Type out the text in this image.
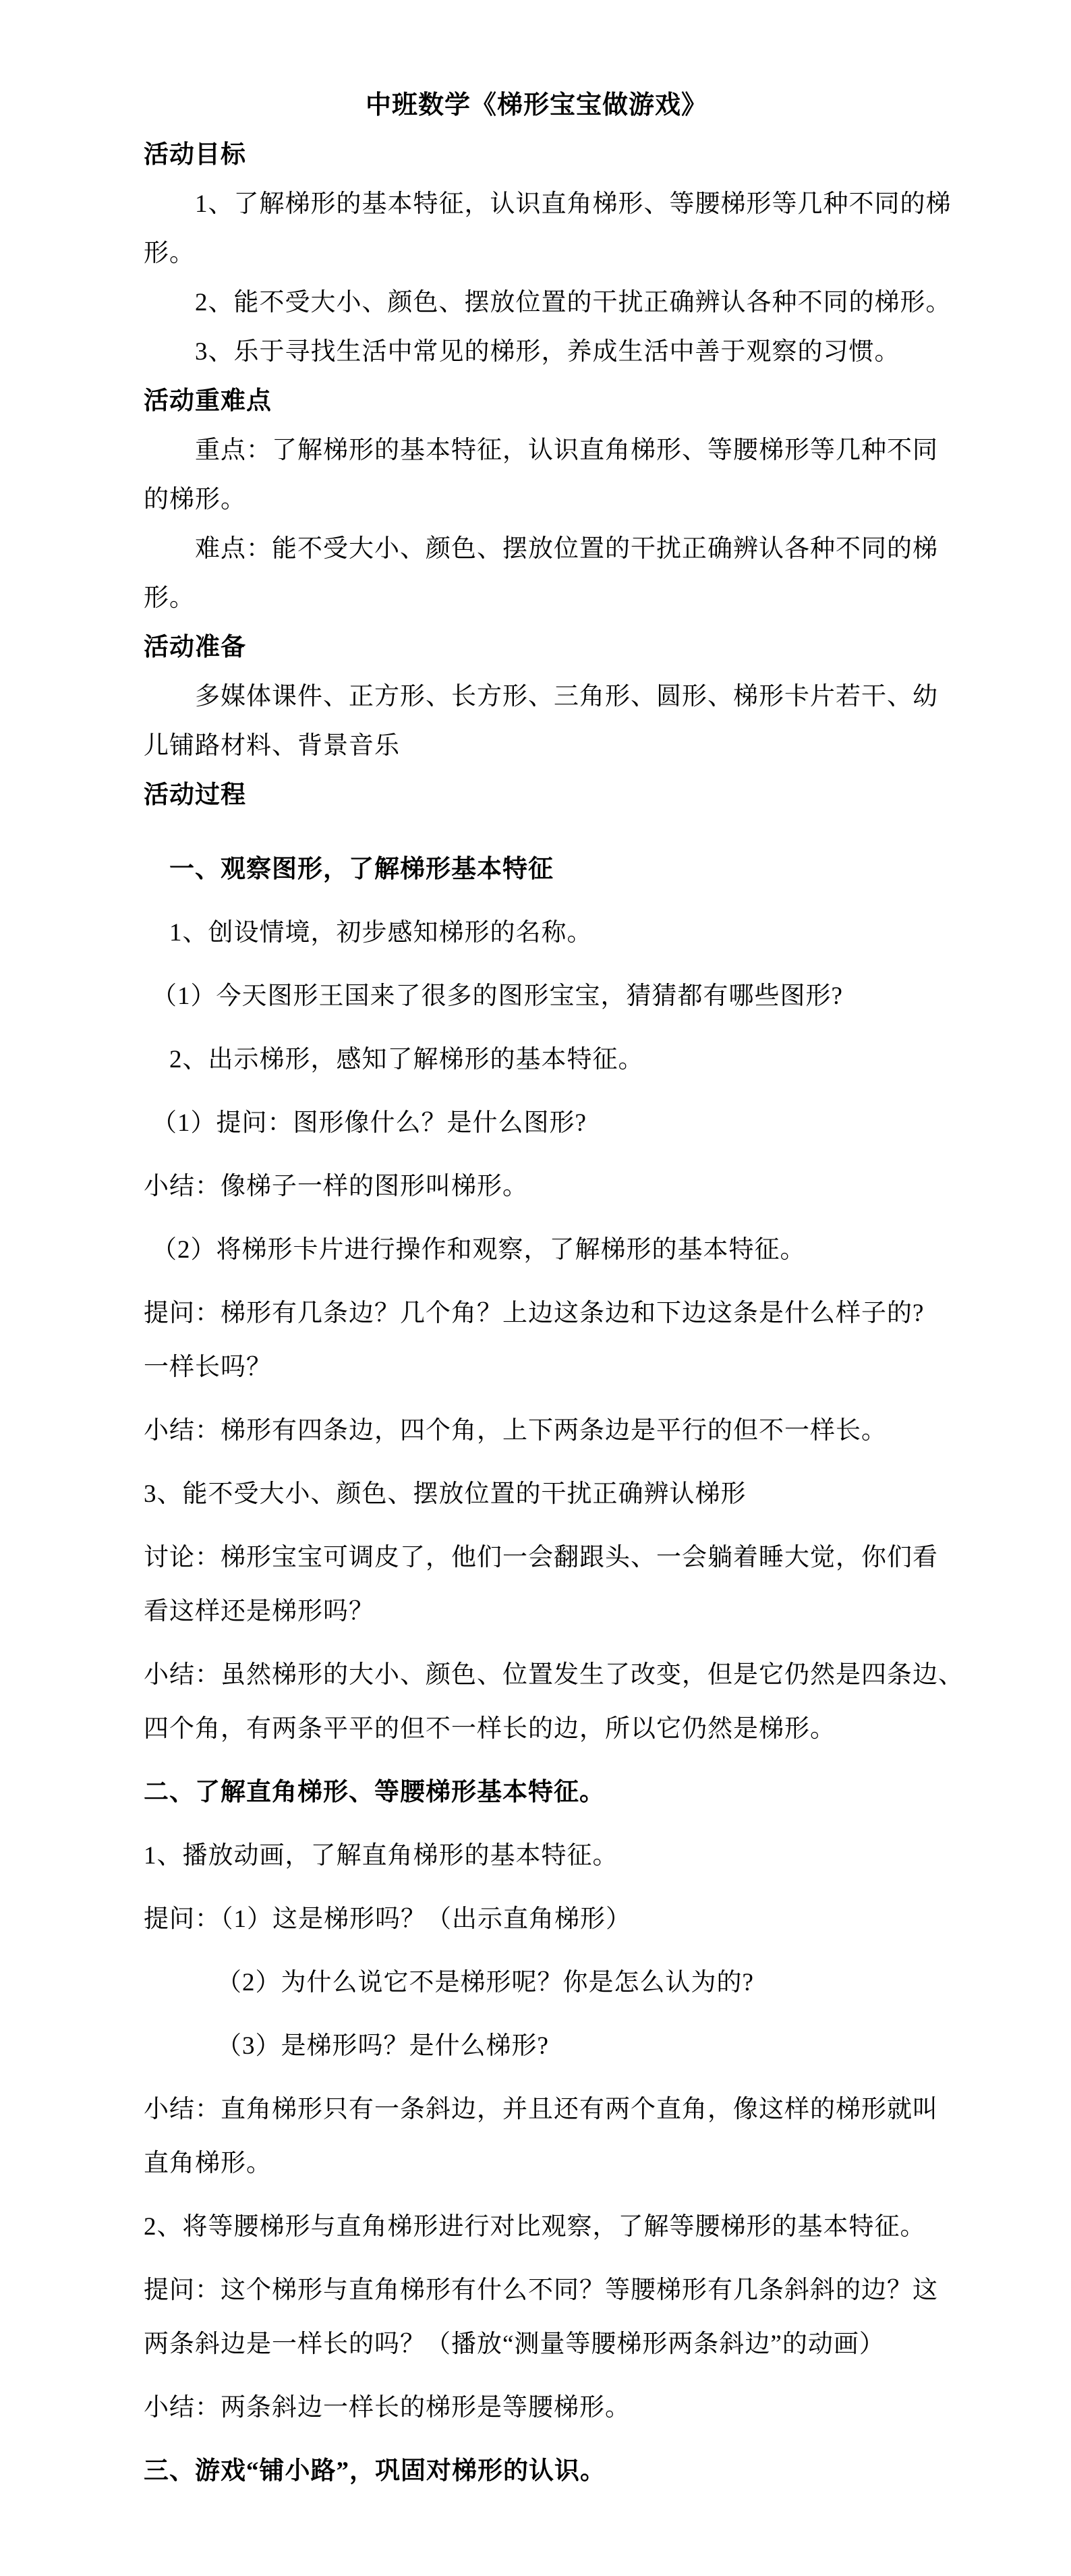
中班数学《梯形宝宝做游戏》

活动目标

1、了解梯形的基本特征，认识直角梯形、等腰梯形等几种不同的梯
形。

2、能不受大小、颜色、摆放位置的干扰正确辨认各种不同的梯形。

3、乐于寻找生活中常见的梯形，养成生活中善于观察的习惯。

活动重难点

重点：了解梯形的基本特征，认识直角梯形、等腰梯形等几种不同
的梯形。

难点：能不受大小、颜色、摆放位置的干扰正确辨认各种不同的梯
形。

活动准备

多媒体课件、正方形、长方形、三角形、圆形、梯形卡片若干、幼
儿铺路材料、背景音乐

活动过程

一、观察图形，了解梯形基本特征

1、创设情境，初步感知梯形的名称。

（1）今天图形王国来了很多的图形宝宝，猜猜都有哪些图形?

2、出示梯形，感知了解梯形的基本特征。

（1）提问：图形像什么？是什么图形?

小结：像梯子一样的图形叫梯形。

（2）将梯形卡片进行操作和观察，了解梯形的基本特征。

提问：梯形有几条边？几个角？上边这条边和下边这条是什么样子的?
一样长吗？

小结：梯形有四条边，四个角，上下两条边是平行的但不一样长。

3、能不受大小、颜色、摆放位置的干扰正确辨认梯形

讨论：梯形宝宝可调皮了，他们一会翻跟头、一会躺着睡大觉，你们看
看这样还是梯形吗？

小结：虽然梯形的大小、颜色、位置发生了改变，但是它仍然是四条边、
四个角，有两条平平的但不一样长的边，所以它仍然是梯形。

二、了解直角梯形、等腰梯形基本特征。

1、播放动画，了解直角梯形的基本特征。

提问：（1）这是梯形吗？（出示直角梯形）

（2）为什么说它不是梯形呢？你是怎么认为的?

（3）是梯形吗？是什么梯形?

小结：直角梯形只有一条斜边，并且还有两个直角，像这样的梯形就叫
直角梯形。

2、将等腰梯形与直角梯形进行对比观察，了解等腰梯形的基本特征。

提问：这个梯形与直角梯形有什么不同？等腰梯形有几条斜斜的边？这
两条斜边是一样长的吗？（播放“测量等腰梯形两条斜边”的动画）

小结：两条斜边一样长的梯形是等腰梯形。

三、游戏“铺小路”，巩固对梯形的认识。
